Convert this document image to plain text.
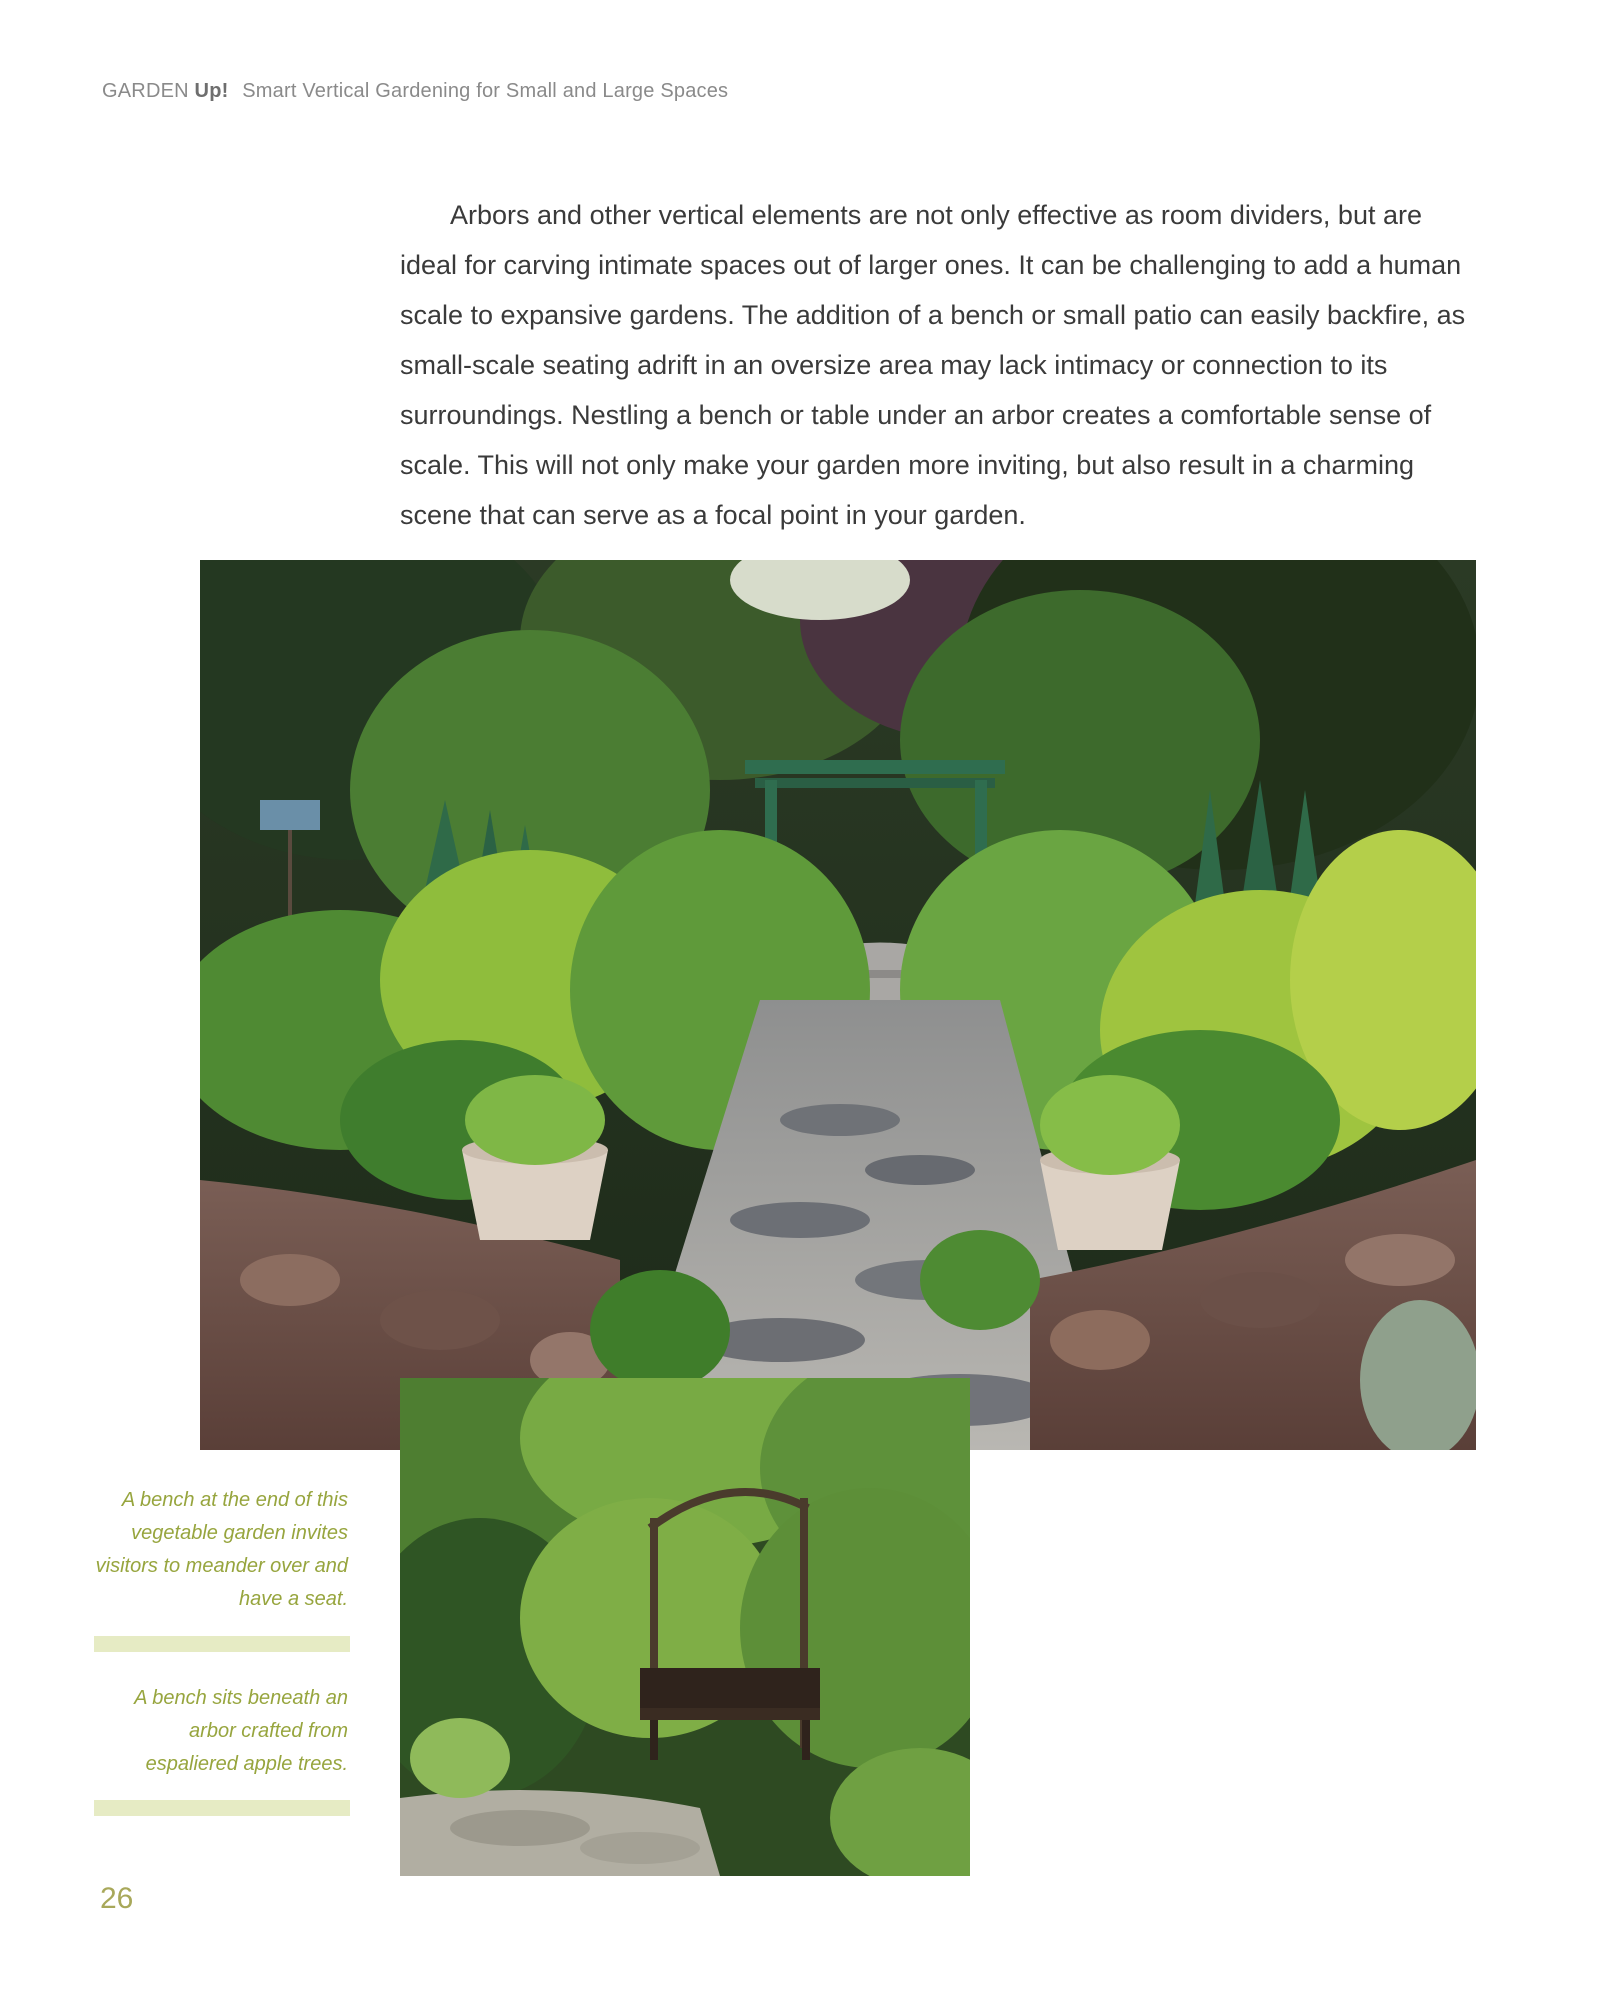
GARDEN Up! Smart Vertical Gardening for Small and Large Spaces

Arbors and other vertical elements are not only effective as room dividers, but are ideal for carving intimate spaces out of larger ones. It can be challenging to add a human scale to expansive gardens. The addition of a bench or small patio can easily backfire, as small-scale seating adrift in an oversize area may lack intimacy or connection to its surroundings. Nestling a bench or table under an arbor creates a comfortable sense of scale. This will not only make your garden more inviting, but also result in a charming scene that can serve as a focal point in your garden.

A bench at the end of this vegetable garden invites visitors to meander over and have a seat.
A bench sits beneath an arbor crafted from espaliered apple trees.
26
